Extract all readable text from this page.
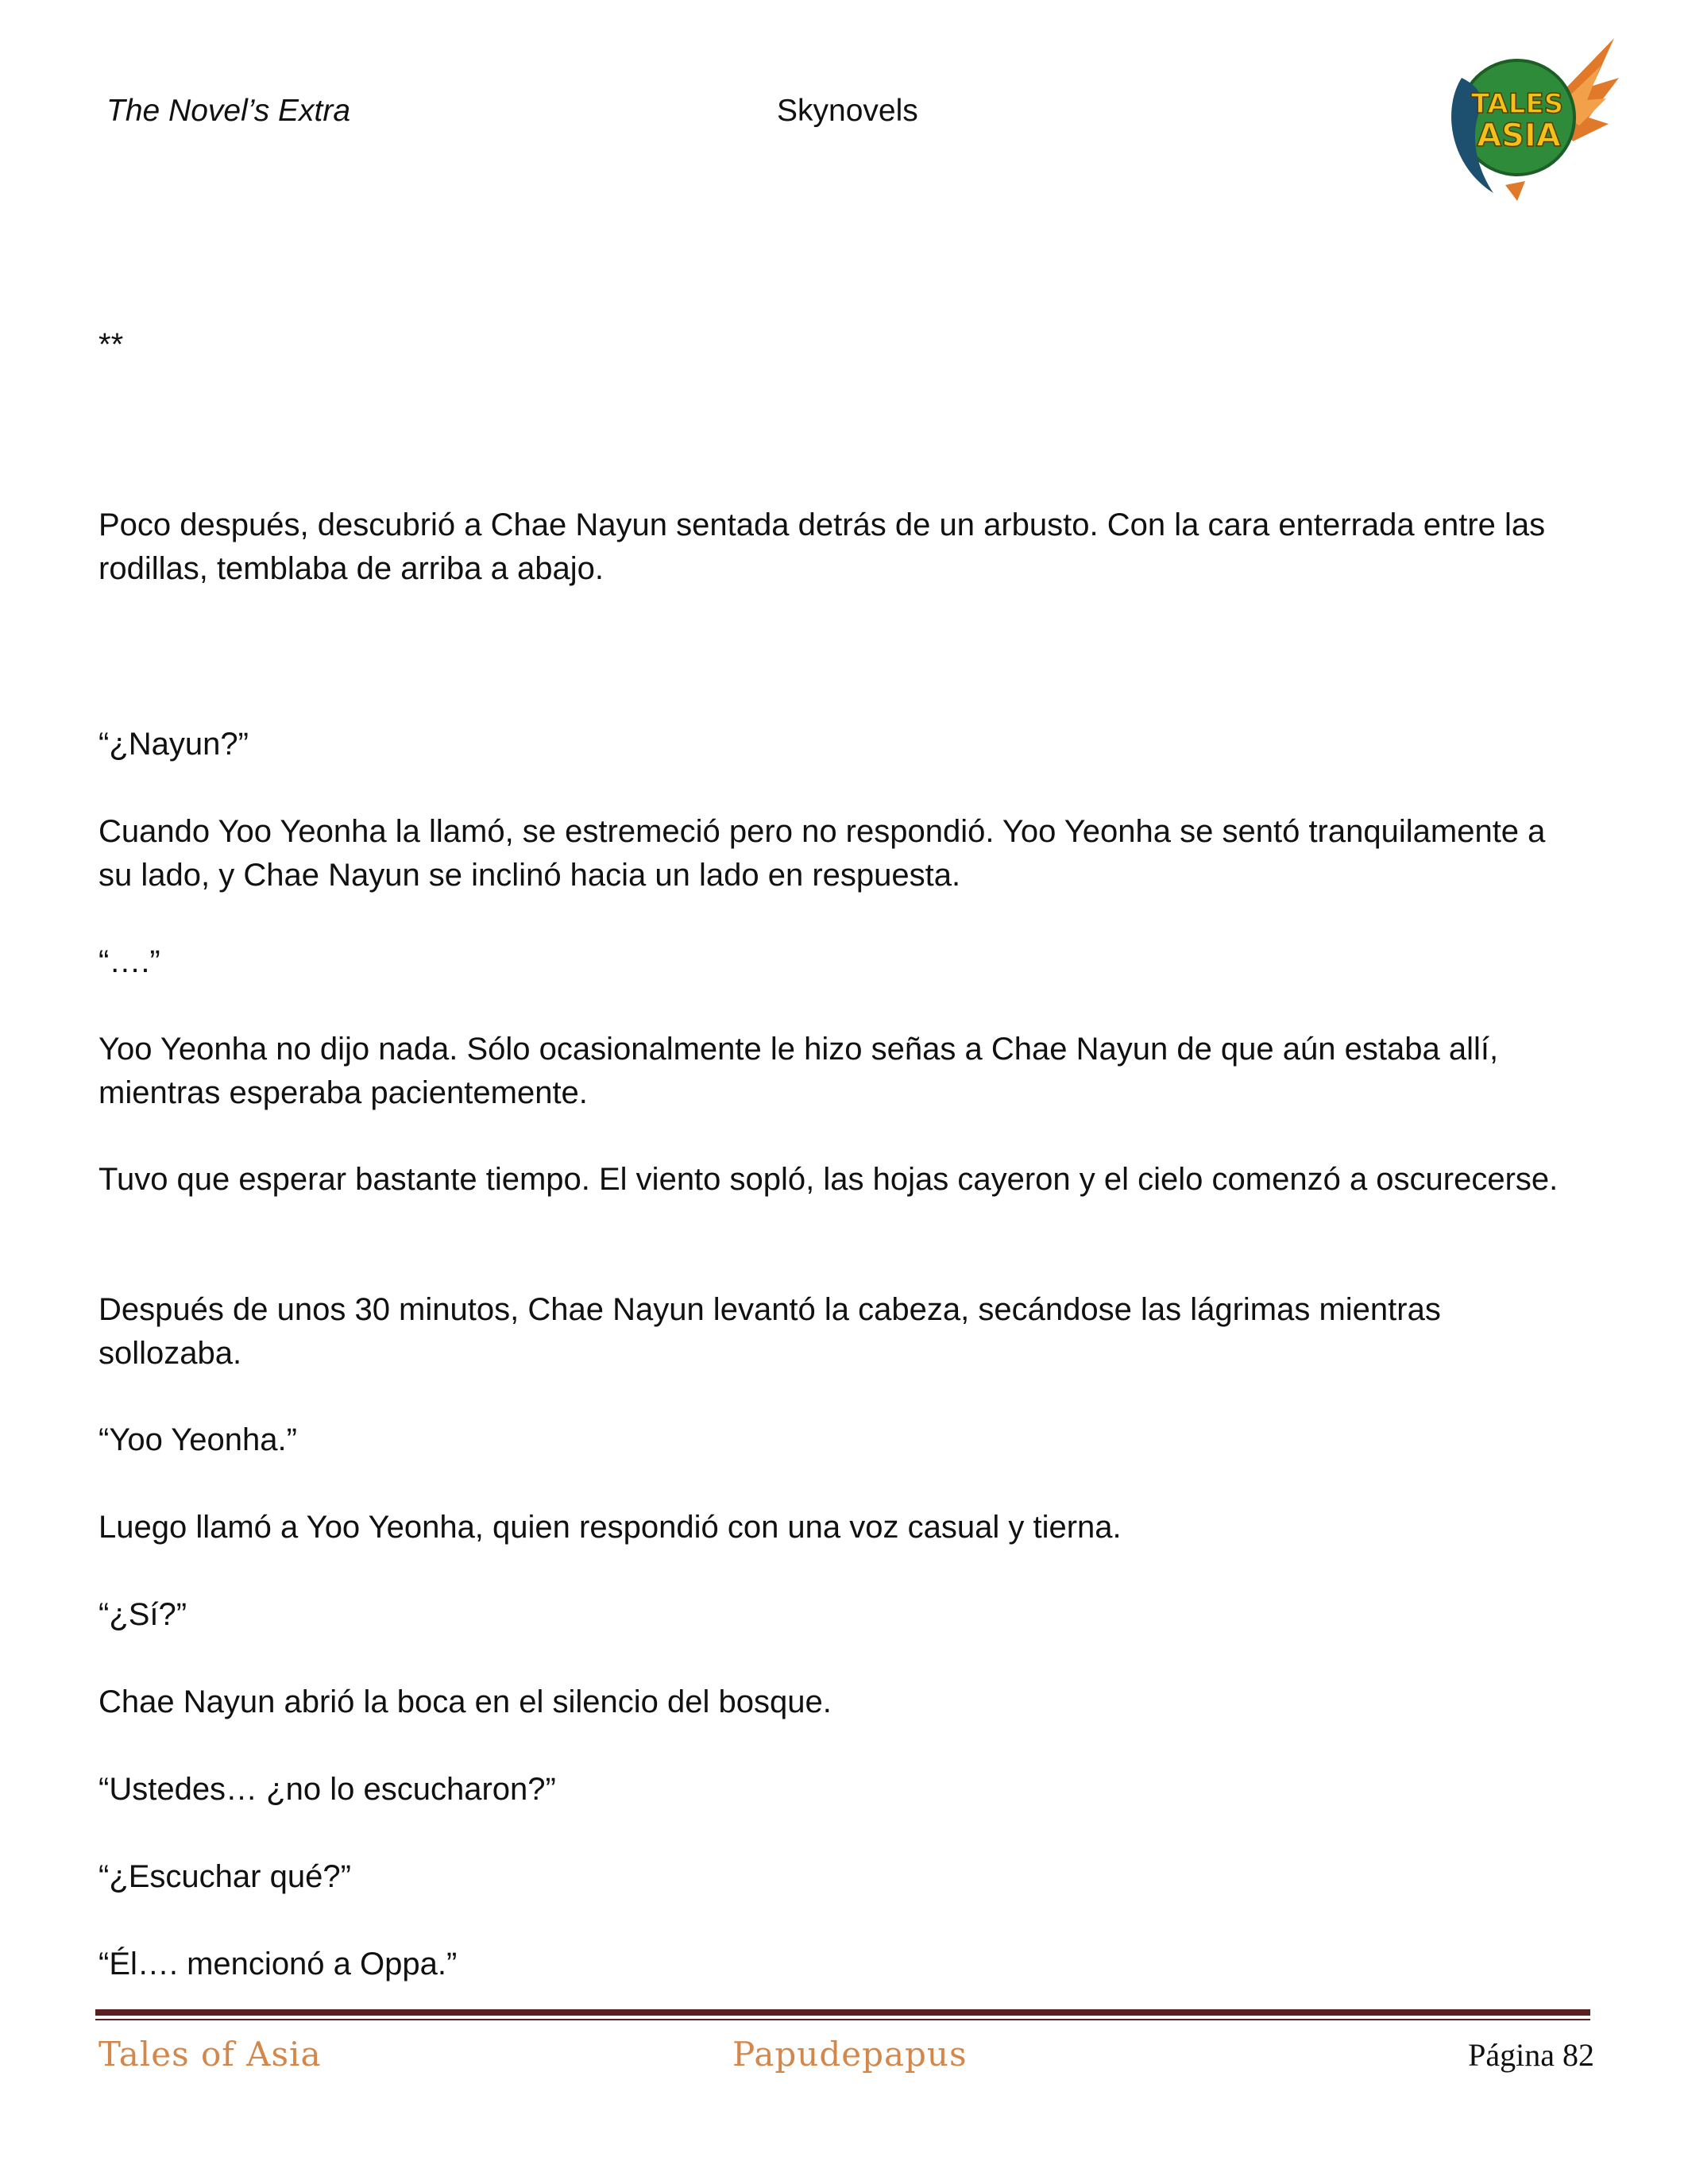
The Novel’s Extra	Skynovels	TALES
ASIA

**

Poco después, descubrió a Chae Nayun sentada detrás de un arbusto. Con la cara enterrada entre las rodillas, temblaba de arriba a abajo.

“¿Nayun?”

Cuando Yoo Yeonha la llamó, se estremeció pero no respondió. Yoo Yeonha se sentó tranquilamente a su lado, y Chae Nayun se inclinó hacia un lado en respuesta.

“….”

Yoo Yeonha no dijo nada. Sólo ocasionalmente le hizo señas a Chae Nayun de que aún estaba allí, mientras esperaba pacientemente.

Tuvo que esperar bastante tiempo. El viento sopló, las hojas cayeron y el cielo comenzó a oscurecerse.

Después de unos 30 minutos, Chae Nayun levantó la cabeza, secándose las lágrimas mientras sollozaba.

“Yoo Yeonha.”

Luego llamó a Yoo Yeonha, quien respondió con una voz casual y tierna.

“¿Sí?”

Chae Nayun abrió la boca en el silencio del bosque.

“Ustedes… ¿no lo escucharon?”

“¿Escuchar qué?”

“Él…. mencionó a Oppa.”

Tales of Asia	Papudepapus	Página 82
